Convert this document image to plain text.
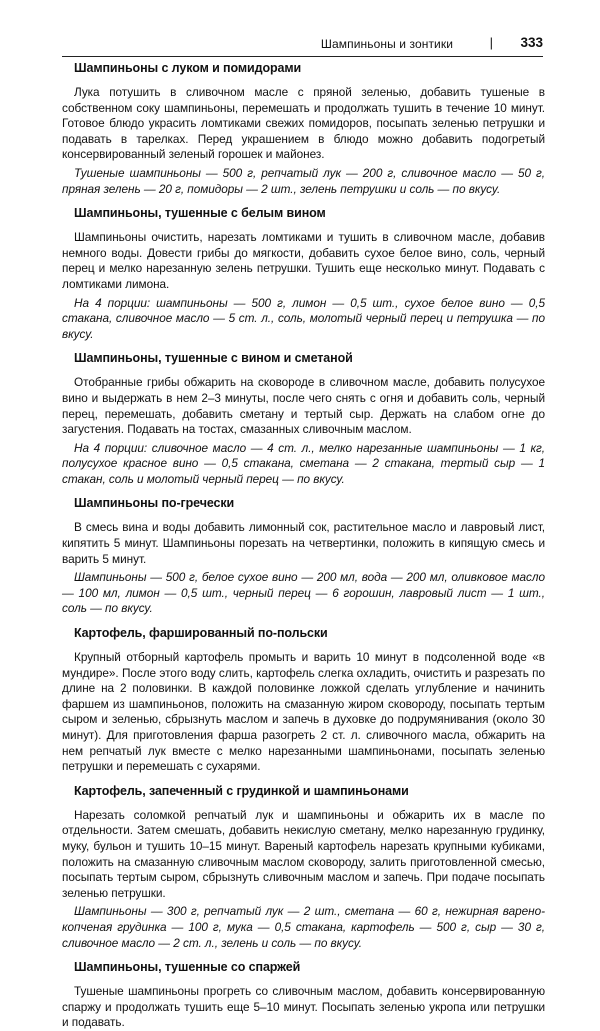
Шампиньоны и зонтики	| 333
Шампиньоны с луком и помидорами

Лука потушить в сливочном масле с пряной зеленью, добавить тушеные в собственном соку шампиньоны, перемешать и продолжать тушить в течение 10 минут. Готовое блюдо украсить ломтиками свежих помидоров, посыпать зеленью петрушки и подавать в тарелках. Перед украшением в блюдо можно добавить подогретый консервированный зеленый горошек и майонез.

Тушеные шампиньоны — 500 г, репчатый лук — 200 г, сливочное масло — 50 г, пряная зелень — 20 г, помидоры — 2 шт., зелень петрушки и соль — по вкусу.

Шампиньоны, тушенные с белым вином

Шампиньоны очистить, нарезать ломтиками и тушить в сливочном масле, добавив немного воды. Довести грибы до мягкости, добавить сухое белое вино, соль, черный перец и мелко нарезанную зелень петрушки. Тушить еще несколько минут. Подавать с ломтиками лимона.

На 4 порции: шампиньоны — 500 г, лимон — 0,5 шт., сухое белое вино — 0,5 стакана, сливочное масло — 5 ст. л., соль, молотый черный перец и петрушка — по вкусу.

Шампиньоны, тушенные с вином и сметаной

Отобранные грибы обжарить на сковороде в сливочном масле, добавить полусухое вино и выдержать в нем 2–3 минуты, после чего снять с огня и добавить соль, черный перец, перемешать, добавить сметану и тертый сыр. Держать на слабом огне до загустения. Подавать на тостах, смазанных сливочным маслом.

На 4 порции: сливочное масло — 4 ст. л., мелко нарезанные шампиньоны — 1 кг, полусухое красное вино — 0,5 стакана, сметана — 2 стакана, тертый сыр — 1 стакан, соль и молотый черный перец — по вкусу.

Шампиньоны по-гречески

В смесь вина и воды добавить лимонный сок, растительное масло и лавровый лист, кипятить 5 минут. Шампиньоны порезать на четвертинки, положить в кипящую смесь и варить 5 минут.

Шампиньоны — 500 г, белое сухое вино — 200 мл, вода — 200 мл, оливковое масло — 100 мл, лимон — 0,5 шт., черный перец — 6 горошин, лавровый лист — 1 шт., соль — по вкусу.

Картофель, фаршированный по-польски

Крупный отборный картофель промыть и варить 10 минут в подсоленной воде «в мундире». После этого воду слить, картофель слегка охладить, очистить и разрезать по длине на 2 половинки. В каждой половинке ложкой сделать углубление и начинить фаршем из шампиньонов, положить на смазанную жиром сковороду, посыпать тертым сыром и зеленью, сбрызнуть маслом и запечь в духовке до подрумянивания (около 30 минут). Для приготовления фарша разогреть 2 ст. л. сливочного масла, обжарить на нем репчатый лук вместе с мелко нарезанными шампиньонами, посыпать зеленью петрушки и перемешать с сухарями.

Картофель, запеченный с грудинкой и шампиньонами

Нарезать соломкой репчатый лук и шампиньоны и обжарить их в масле по отдельности. Затем смешать, добавить некислую сметану, мелко нарезанную грудинку, муку, бульон и тушить 10–15 минут. Вареный картофель нарезать крупными кубиками, положить на смазанную сливочным маслом сковороду, залить приготовленной смесью, посыпать тертым сыром, сбрызнуть сливочным маслом и запечь. При подаче посыпать зеленью петрушки.

Шампиньоны — 300 г, репчатый лук — 2 шт., сметана — 60 г, нежирная варено-копченая грудинка — 100 г, мука — 0,5 стакана, картофель — 500 г, сыр — 30 г, сливочное масло — 2 ст. л., зелень и соль — по вкусу.

Шампиньоны, тушенные со спаржей

Тушеные шампиньоны прогреть со сливочным маслом, добавить консервированную спаржу и продолжать тушить еще 5–10 минут. Посыпать зеленью укропа или петрушки и подавать.
